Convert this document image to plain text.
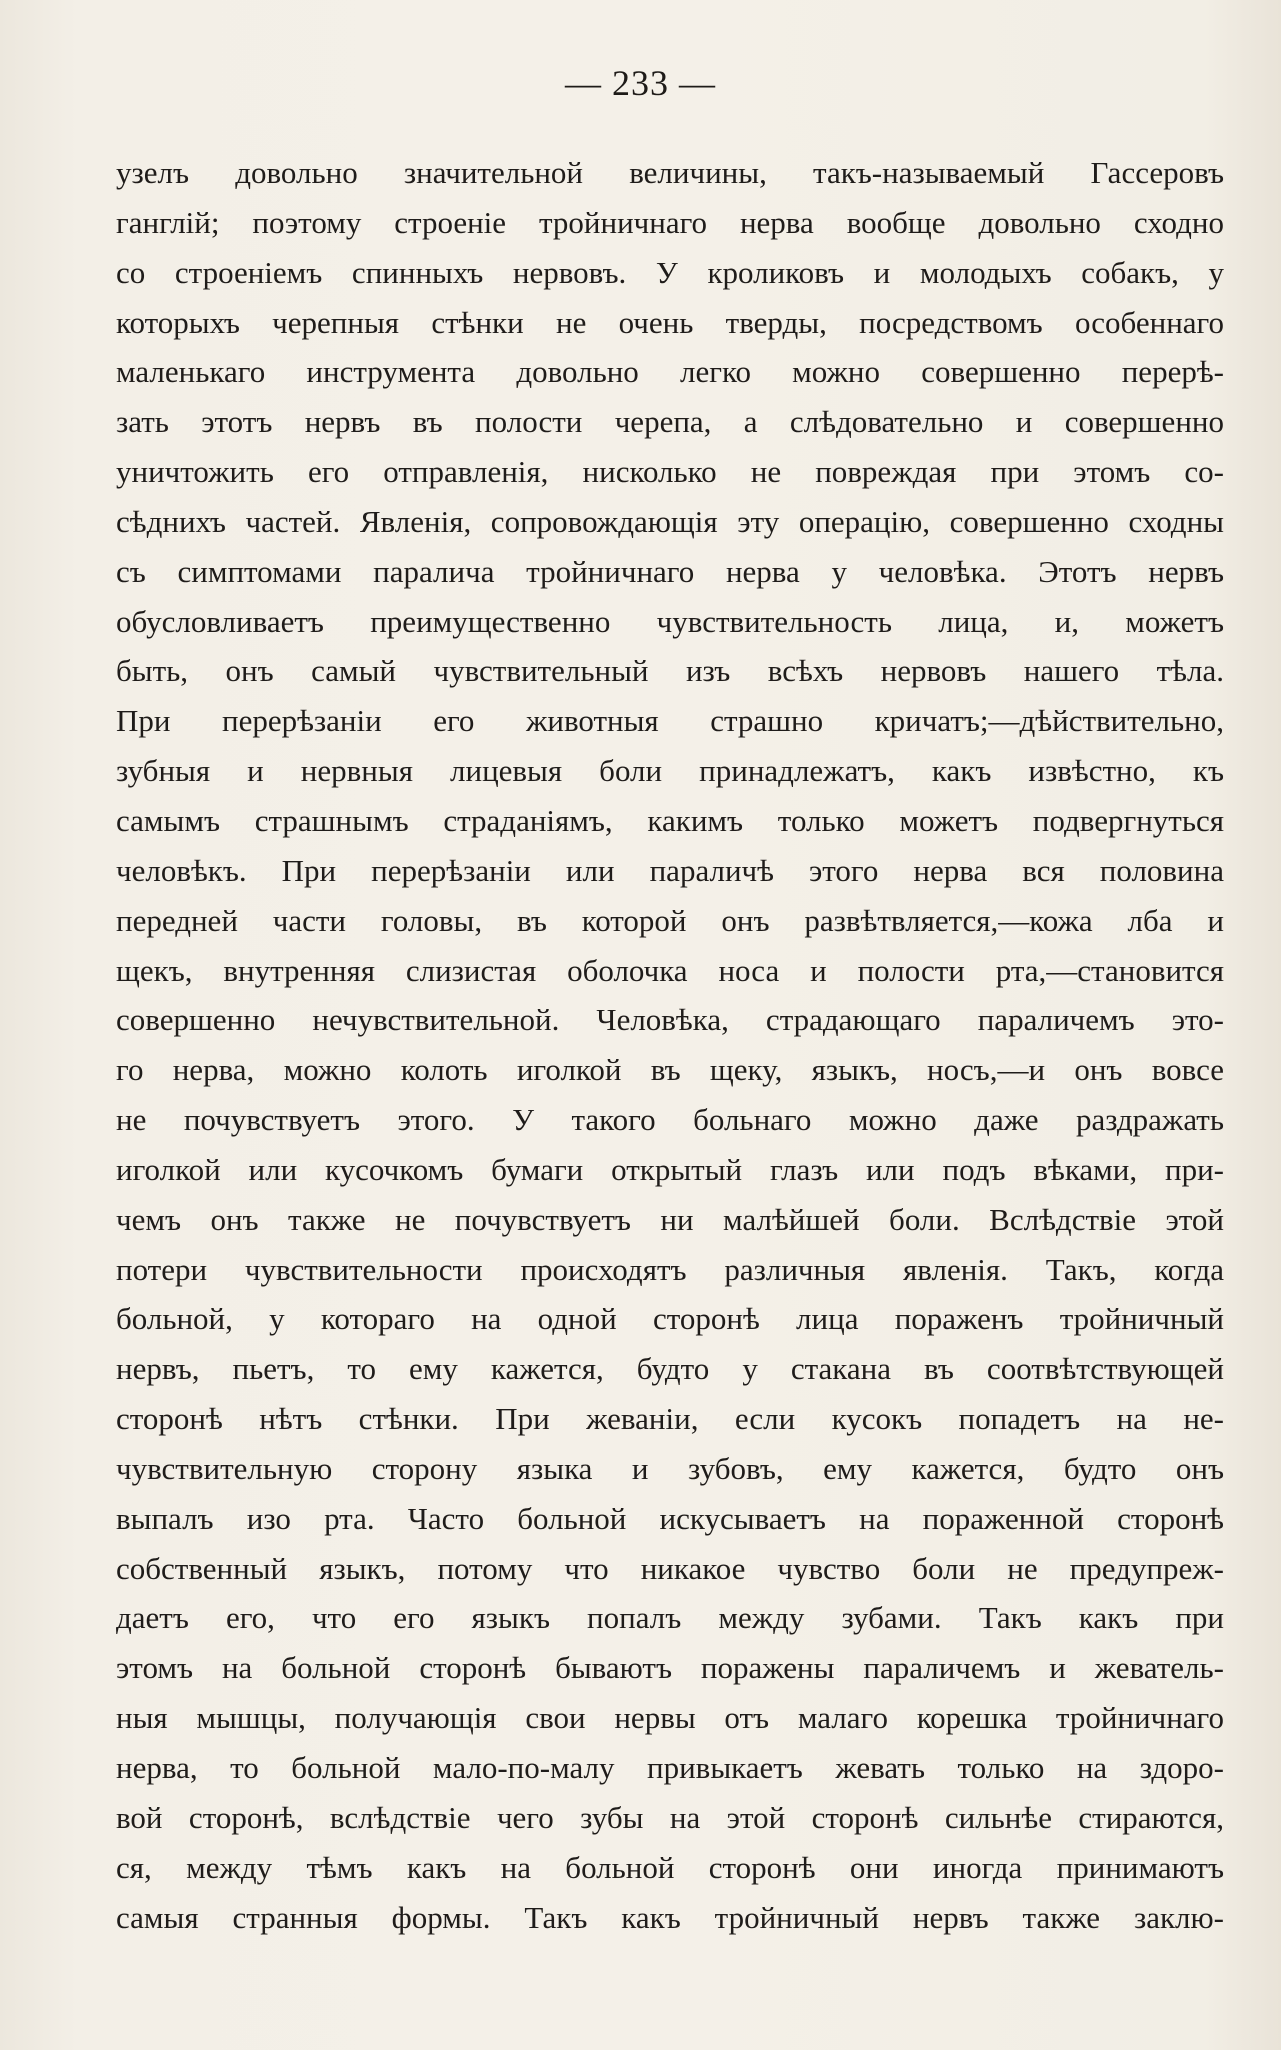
— 233 —
узелъ довольно значительной величины, такъ-называемый Гассеровъ
ганглій; поэтому строеніе тройничнаго нерва вообще довольно сходно
со строеніемъ спинныхъ нервовъ. У кроликовъ и молодыхъ собакъ, у
которыхъ черепныя стѣнки не очень тверды, посредствомъ особеннаго
маленькаго инструмента довольно легко можно совершенно перерѣ-
зать этотъ нервъ въ полости черепа, а слѣдовательно и совершенно
уничтожить его отправленія, нисколько не повреждая при этомъ со-
сѣднихъ частей. Явленія, сопровождающія эту операцію, совершенно сходны
съ симптомами паралича тройничнаго нерва у человѣка. Этотъ нервъ
обусловливаетъ преимущественно чувствительность лица, и, можетъ
быть, онъ самый чувствительный изъ всѣхъ нервовъ нашего тѣла.
При перерѣзаніи его животныя страшно кричатъ;—дѣйствительно,
зубныя и нервныя лицевыя боли принадлежатъ, какъ извѣстно, къ
самымъ страшнымъ страданіямъ, какимъ только можетъ подвергнуться
человѣкъ. При перерѣзаніи или параличѣ этого нерва вся половина
передней части головы, въ которой онъ развѣтвляется,—кожа лба и
щекъ, внутренняя слизистая оболочка носа и полости рта,—становится
совершенно нечувствительной. Человѣка, страдающаго параличемъ это-
го нерва, можно колоть иголкой въ щеку, языкъ, носъ,—и онъ вовсе
не почувствуетъ этого. У такого больнаго можно даже раздражать
иголкой или кусочкомъ бумаги открытый глазъ или подъ вѣками, при-
чемъ онъ также не почувствуетъ ни малѣйшей боли. Вслѣдствіе этой
потери чувствительности происходятъ различныя явленія. Такъ, когда
больной, у котораго на одной сторонѣ лица пораженъ тройничный
нервъ, пьетъ, то ему кажется, будто у стакана въ соотвѣтствующей
сторонѣ нѣтъ стѣнки. При жеваніи, если кусокъ попадетъ на не-
чувствительную сторону языка и зубовъ, ему кажется, будто онъ
выпалъ изо рта. Часто больной искусываетъ на пораженной сторонѣ
собственный языкъ, потому что никакое чувство боли не предупреж-
даетъ его, что его языкъ попалъ между зубами. Такъ какъ при
этомъ на больной сторонѣ бываютъ поражены параличемъ и жеватель-
ныя мышцы, получающія свои нервы отъ малаго корешка тройничнаго
нерва, то больной мало-по-малу привыкаетъ жевать только на здоро-
вой сторонѣ, вслѣдствіе чего зубы на этой сторонѣ сильнѣе стираются,
ся, между тѣмъ какъ на больной сторонѣ они иногда принимаютъ
самыя странныя формы. Такъ какъ тройничный нервъ также заклю-
